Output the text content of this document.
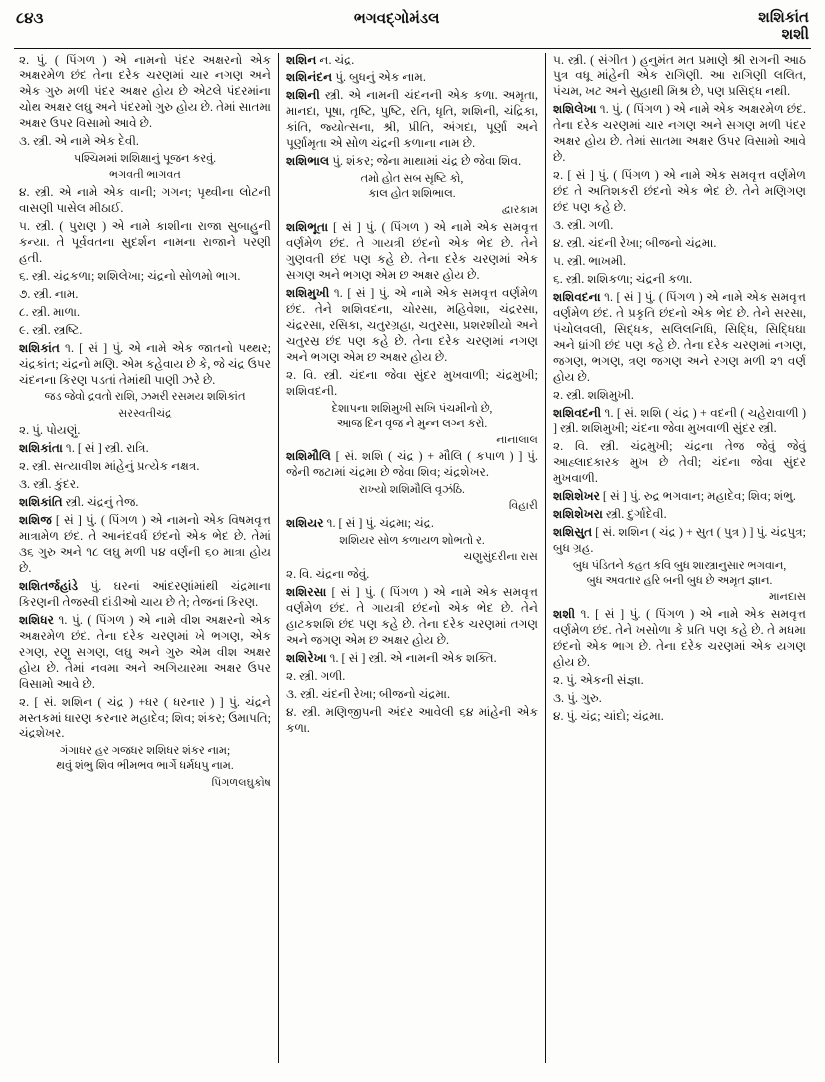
૮૪૩	ભગવદ્ગોમંડલ	શશિકાંત
શશી

૨. પું. ( પિંગળ ) એ નામનો પંદર અક્ષરનો એક અક્ષરમેળ છંદ તેના દરેક ચરણમાં ચાર નગણ અને એક ગુરુ મળી પંદર અક્ષર હોય છે એટલે પંદરમાંના ચોથ અક્ષર લઘુ અને પંદરમો ગુરુ હોય છે. તેમાં સાતમા અક્ષર ઉપર વિસામો આવે છે.

૩. સ્ત્રી. એ નામે એક દેવી.

પશ્ચિમમાં શશિક્ષાનું પૂજન કરવું.
ભગવતી ભાગવત

૪. સ્ત્રી. એ નામે એક વાની; ગગન; પૃથ્વીના લોટની વાસણી પાસેલ મીઠાઈ.

૫. સ્ત્રી. ( પુરાણ ) એ નામે કાશીના રાજા સુબાહુની કન્યા. તે પૂર્વવતના સુદર્શન નામના રાજાને પરણી હતી.

૬. સ્ત્રી. ચંદ્રકળા; શશિલેખા; ચંદ્રનો સોળમો ભાગ.

૭. સ્ત્રી. નામ.

૮. સ્ત્રી. માળા.

૯. સ્ત્રી. સ્ત્રષ્ટિ.

શશિકાંત ૧. [ સં ] પું. એ નામે એક જાતનો પથ્થર; ચંદ્રકાંત; ચંદ્રનો મણિ. એમ કહેવાય છે કે, જે ચંદ્ર ઉપર ચંદનના કિરણ પડતાં તેમાંથી પાણી ઝરે છે.

જડ જેવો દ્રવતો રાશિ, ઝમરી રસમય શશિકાંત
સરસ્વતીચંદ્ર

૨. પું. પોયણું.

શશિકાંતા ૧. [ સં ] સ્ત્રી. રાત્રિ.

૨. સ્ત્રી. સત્યાવીશ માંહેનું પ્રત્યેક નક્ષત્ર.

૩. સ્ત્રી. કુંદર.

શશિકાંતિ સ્ત્રી. ચંદ્રનું તેજ.

શશિજ [ સં ] પું. ( પિંગળ ) એ નામનો એક વિષમવૃત્ત માત્રામેળ છંદ. તે આનંદવર્ધ છંદનો એક ભેદ છે. તેમાં ૩૬ ગુરુ અને ૧૮ લઘુ મળી ૫૪ વર્ણની ૬૦ માત્રા હોય છે.

શશિતર્જહાંડે પું. ઘરનાં આંદરણાંમાંથી ચંદ્રમાના કિરણની તેજસ્વી દાંડીઓ ચાય છે તે; તેજનાં કિરણ.

શશિધર ૧. પું. ( પિંગળ ) એ નામે વીશ અક્ષરનો એક અક્ષરમેળ છંદ. તેના દરેક ચરણમાં ખે ભગણ, એક રગણ, રણુ સગણ, લઘુ અને ગુરુ એમ વીશ અક્ષર હોય છે. તેમાં નવમા અને અગિયારમા અક્ષર ઉપર વિસામો આવે છે.

૨. [ સં. શશિન ( ચંદ્ર ) +ધર ( ધરનાર ) ] પું. ચંદ્રને મસ્તકમાં ધારણ કરનાર મહાદેવ; શિવ; શંકર; ઉમાપતિ; ચંદ્રશેખર.

ગંગાધર હર ગજધર શશિધર શંકર નામ;
થવું શંભુ શિવ ભીમભવ ભાર્ગે ધર્મધપુ નામ.
પિંગળલઘુકોષ

શશિન ન. ચંદ્ર.

શશિનંદન પું. બુધનું એક નામ.

શશિની સ્ત્રી. એ નામની ચંદનની એક કળા. અમૃતા, માનદા, પૂષા, તૃષ્ટિ, પુષ્ટિ, રતિ, ધૃતિ, શશિની, ચંદ્રિકા, કાંતિ, જ્યોત્સના, શ્રી, પ્રીતિ, અંગદા, પૂર્ણા અને પૂર્ણામૃતા એ સોળ ચંદ્રની કળાના નામ છે.

શશિભાલ પું. શંકર; જેના માથામાં ચંદ્ર છે જેવા શિવ.

તમો હોત સબ સૃષ્ટિ કો,
કાલ હોત શશિભાલ.
દ્વારકામ

શશિભૂતા [ સં ] પું. ( પિંગળ ) એ નામે એક સમવૃત્ત વર્ણમેળ છંદ. તે ગાયત્રી છંદનો એક ભેદ છે. તેને ગુણવતી છંદ પણ કહે છે. તેના દરેક ચરણમાં એક સગણ અને ભગણ એમ છ અક્ષર હોય છે.

શશિમુખી ૧. [ સં ] પું. એ નામે એક સમવૃત્ત વર્ણમેળ છંદ. તેને શશિવદના, ચોરસા, મહિવેશા, ચંદ્રરસા, ચંદ્રરસા, રસિકા, ચતુરગ્રહા, ચતુરસા, પ્રશરશીયો અને ચતુરસ્ર છંદ પણ કહે છે. તેના દરેક ચરણમાં નગણ અને ભગણ એમ છ અક્ષર હોય છે.

૨. વિ. સ્ત્રી. ચંદના જેવા સુંદર મુખવાળી; ચંદ્રમુખી; શશિવદની.

દેશાપના શશિમુખી સખિ પંચમીનો છે,
આજ દિન વૃજ ને મુન્ન લગ્ન કરો.
નાનાલાલ

શશિમૌલિ [ સં. શશિ ( ચંદ્ર ) + મૌલિ ( કપાળ ) ] પું. જેની જટામાં ચંદ્રમા છે જેવા શિવ; ચંદ્રશેખર.

રાખ્યો શશિમૌલિ વૃઝંઠિ.
વિહારી

શશિયર ૧. [ સં ] પું. ચંદ્રમા; ચંદ્ર.

શશિયર સોળ કળાયળ શોભતો ર.
ચણુસુંદરીના રાસ

૨. વિ. ચંદ્રના જેવું.

શશિરસા [ સં ] પું. ( પિંગળ ) એ નામે એક સમવૃત્ત વર્ણમેળ છંદ. તે ગાયત્રી છંદનો એક ભેદ છે. તેને હાટકશશિ છંદ પણ કહે છે. તેના દરેક ચરણમાં તગણ અને જગણ એમ છ અક્ષર હોય છે.

શશિરેખા ૧. [ સં ] સ્ત્રી. એ નામની એક શક્તિ.

૨. સ્ત્રી. ગળી.

૩. સ્ત્રી. ચંદની રેખા; બીજનો ચંદ્રમા.

૪. સ્ત્રી. મણિજીપની અંદર આવેલી ૬૪ માંહેની એક કળા.

૫. સ્ત્રી. ( સંગીત ) હનુમંત મત પ્રમાણે શ્રી રાગની આઠ પુત્ર વધૂ માંહેની એક રાગિણી. આ રાગિણી લલિત, પંચમ, ખટ અને સુહાથી મિશ્ર છે, પણ પ્રસિદ્ધ નથી.

શશિલેખા ૧. પું. ( પિંગળ ) એ નામે એક અક્ષરમેળ છંદ. તેના દરેક ચરણમાં ચાર નગણ અને સગણ મળી પંદર અક્ષર હોય છે. તેમાં સાતમા અક્ષર ઉપર વિસામો આવે છે.

૨. [ સં ] પું. ( પિંગળ ) એ નામે એક સમવૃત્ત વર્ણમેળ છંદ તે અતિશકરી છંદનો એક ભેદ છે. તેને મણિગણ છંદ પણ કહે છે.

૩. સ્ત્રી. ગળી.

૪. સ્ત્રી. ચંદની રેખા; બીજનો ચંદ્રમા.

૫. સ્ત્રી. ભાખમી.

૬. સ્ત્રી. શશિકળા; ચંદ્રની કળા.

શશિવદના ૧. [ સં ] પું. ( પિંગળ ) એ નામે એક સમવૃત્ત વર્ણમેળ છંદ. તે પ્રકૃતિ છંદનો એક ભેદ છે. તેને સરસા, પંચોલવલી, સિદ્ધક, સલિલનિધિ, સિદ્ધિ, સિદ્ધિઘા અને ધ્રાંગી છંદ પણ કહે છે. તેના દરેક ચરણમાં નગણ, જગણ, ભગણ, ત્રણ જગણ અને રગણ મળી ૨૧ વર્ણ હોય છે.

૨. સ્ત્રી. શશિમુખી.

શશિવદની ૧. [ સં. શશિ ( ચંદ્ર ) + વદની ( ચહેરાવાળી ) ] સ્ત્રી. શશિમુખી; ચંદના જેવા મુખવાળી સુંદર સ્ત્રી.

૨. વિ. સ્ત્રી. ચંદ્રમુખી; ચંદ્રના તેજ જેવું જેવું આહ્લાદકારક મુખ છે તેવી; ચંદના જેવા સુંદર મુખવાળી.

શશિશેખર [ સં ] પું. રુદ્ર ભગવાન; મહાદેવ; શિવ; શંભુ.

શશિશેખરા સ્ત્રી. દુર્ગાદેવી.

શશિસુત [ સં. શશિન ( ચંદ્ર ) + સુત ( પુત્ર ) ] પું. ચંદ્રપુત્ર; બુધ ગ્રહ.

બુધ પંડિતને કહત કવિ બુધ શાસ્ત્રાનુસાર ભગવાન,
બુધ અવતાર હરિ બની બુધ છે અમૃત જ્ઞાન.
માનદાસ

શશી ૧. [ સં ] પું. ( પિંગળ ) એ નામે એક સમવૃત્ત વર્ણમેળ છંદ. તેને ખસોળા કે પ્રતિ પણ કહે છે. તે મધમા છંદનો એક ભાગ છે. તેના દરેક ચરણમાં એક યગણ હોય છે.

૨. પું. એકની સંજ્ઞા.

૩. પું. ગુરુ.

૪. પું. ચંદ્ર; ચાંદો; ચંદ્રમા.
